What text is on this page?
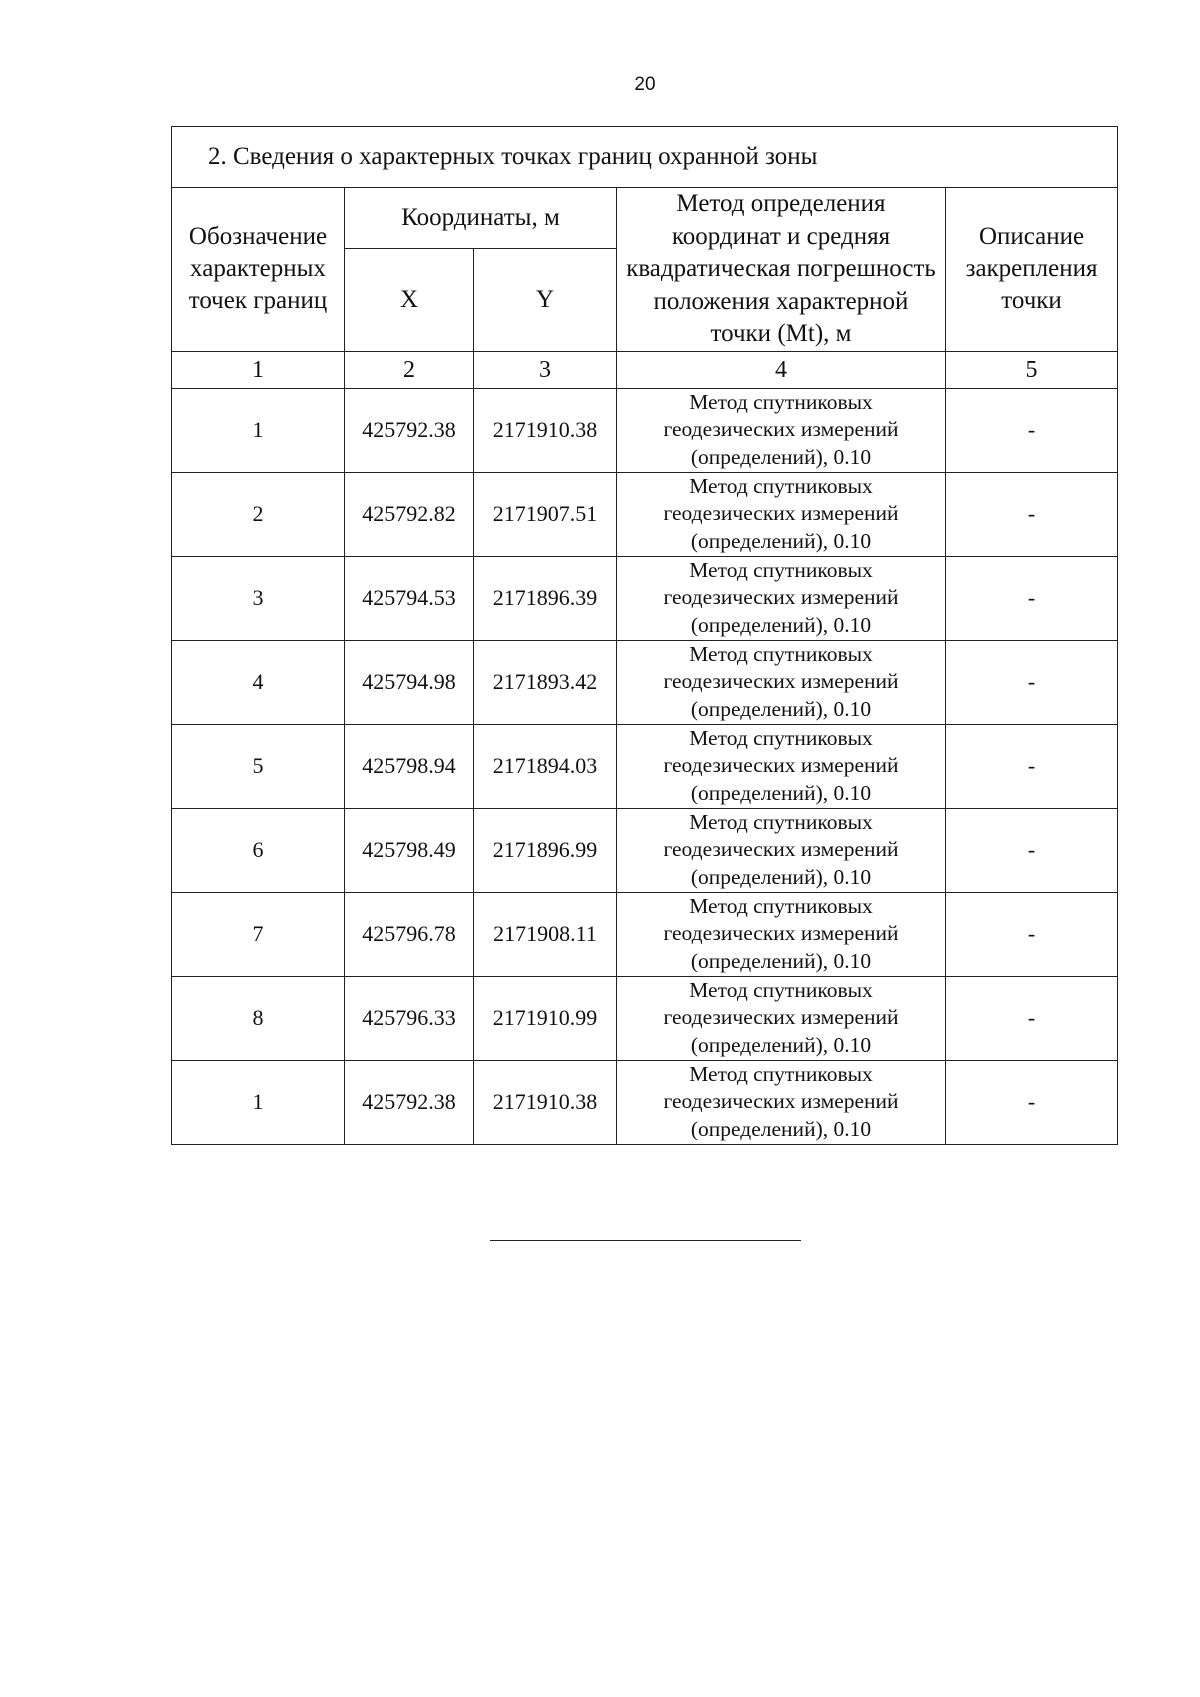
20
2. Сведения о характерных точках границ охранной зоны				
Обозначение характерных точек границ	Координаты, м		Метод определения координат и средняя квадратическая погрешность положения характерной точки (Mt), м	Описание закрепления точки
	X	Y		
1	2	3	4	5
1	425792.38	2171910.38	Метод спутниковых геодезических измерений (определений), 0.10	-
2	425792.82	2171907.51	Метод спутниковых геодезических измерений (определений), 0.10	-
3	425794.53	2171896.39	Метод спутниковых геодезических измерений (определений), 0.10	-
4	425794.98	2171893.42	Метод спутниковых геодезических измерений (определений), 0.10	-
5	425798.94	2171894.03	Метод спутниковых геодезических измерений (определений), 0.10	-
6	425798.49	2171896.99	Метод спутниковых геодезических измерений (определений), 0.10	-
7	425796.78	2171908.11	Метод спутниковых геодезических измерений (определений), 0.10	-
8	425796.33	2171910.99	Метод спутниковых геодезических измерений (определений), 0.10	-
1	425792.38	2171910.38	Метод спутниковых геодезических измерений (определений), 0.10	-
